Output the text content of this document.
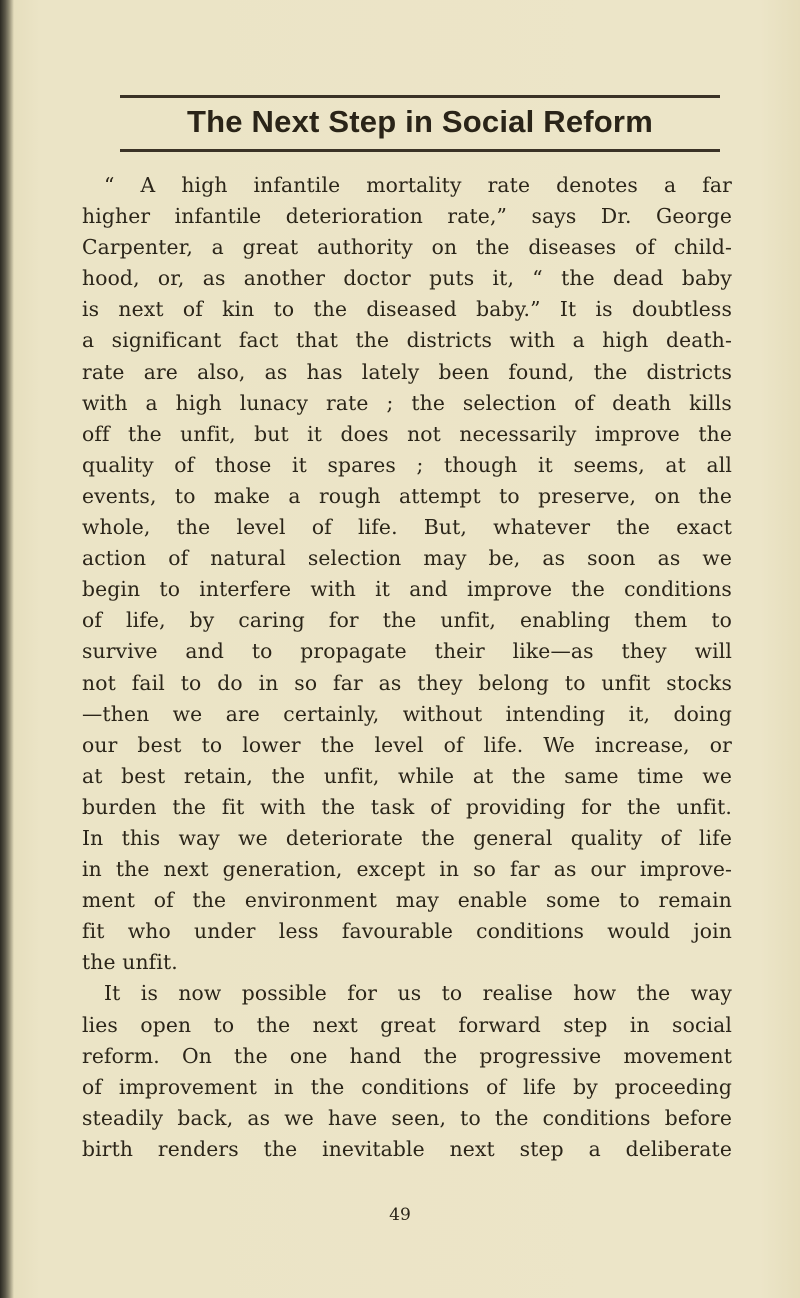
The Next Step in Social Reform
“ A high infantile mortality rate denotes a far
higher infantile deterioration rate,” says Dr. George
Carpenter, a great authority on the diseases of child-
hood, or, as another doctor puts it, “ the dead baby
is next of kin to the diseased baby.” It is doubtless
a significant fact that the districts with a high death-
rate are also, as has lately been found, the districts
with a high lunacy rate ; the selection of death kills
off the unfit, but it does not necessarily improve the
quality of those it spares ; though it seems, at all
events, to make a rough attempt to preserve, on the
whole, the level of life. But, whatever the exact
action of natural selection may be, as soon as we
begin to interfere with it and improve the conditions
of life, by caring for the unfit, enabling them to
survive and to propagate their like—as they will
not fail to do in so far as they belong to unfit stocks
—then we are certainly, without intending it, doing
our best to lower the level of life. We increase, or
at best retain, the unfit, while at the same time we
burden the fit with the task of providing for the unfit.
In this way we deteriorate the general quality of life
in the next generation, except in so far as our improve-
ment of the environment may enable some to remain
fit who under less favourable conditions would join
the unfit.
It is now possible for us to realise how the way
lies open to the next great forward step in social
reform. On the one hand the progressive movement
of improvement in the conditions of life by proceeding
steadily back, as we have seen, to the conditions before
birth renders the inevitable next step a deliberate
49
